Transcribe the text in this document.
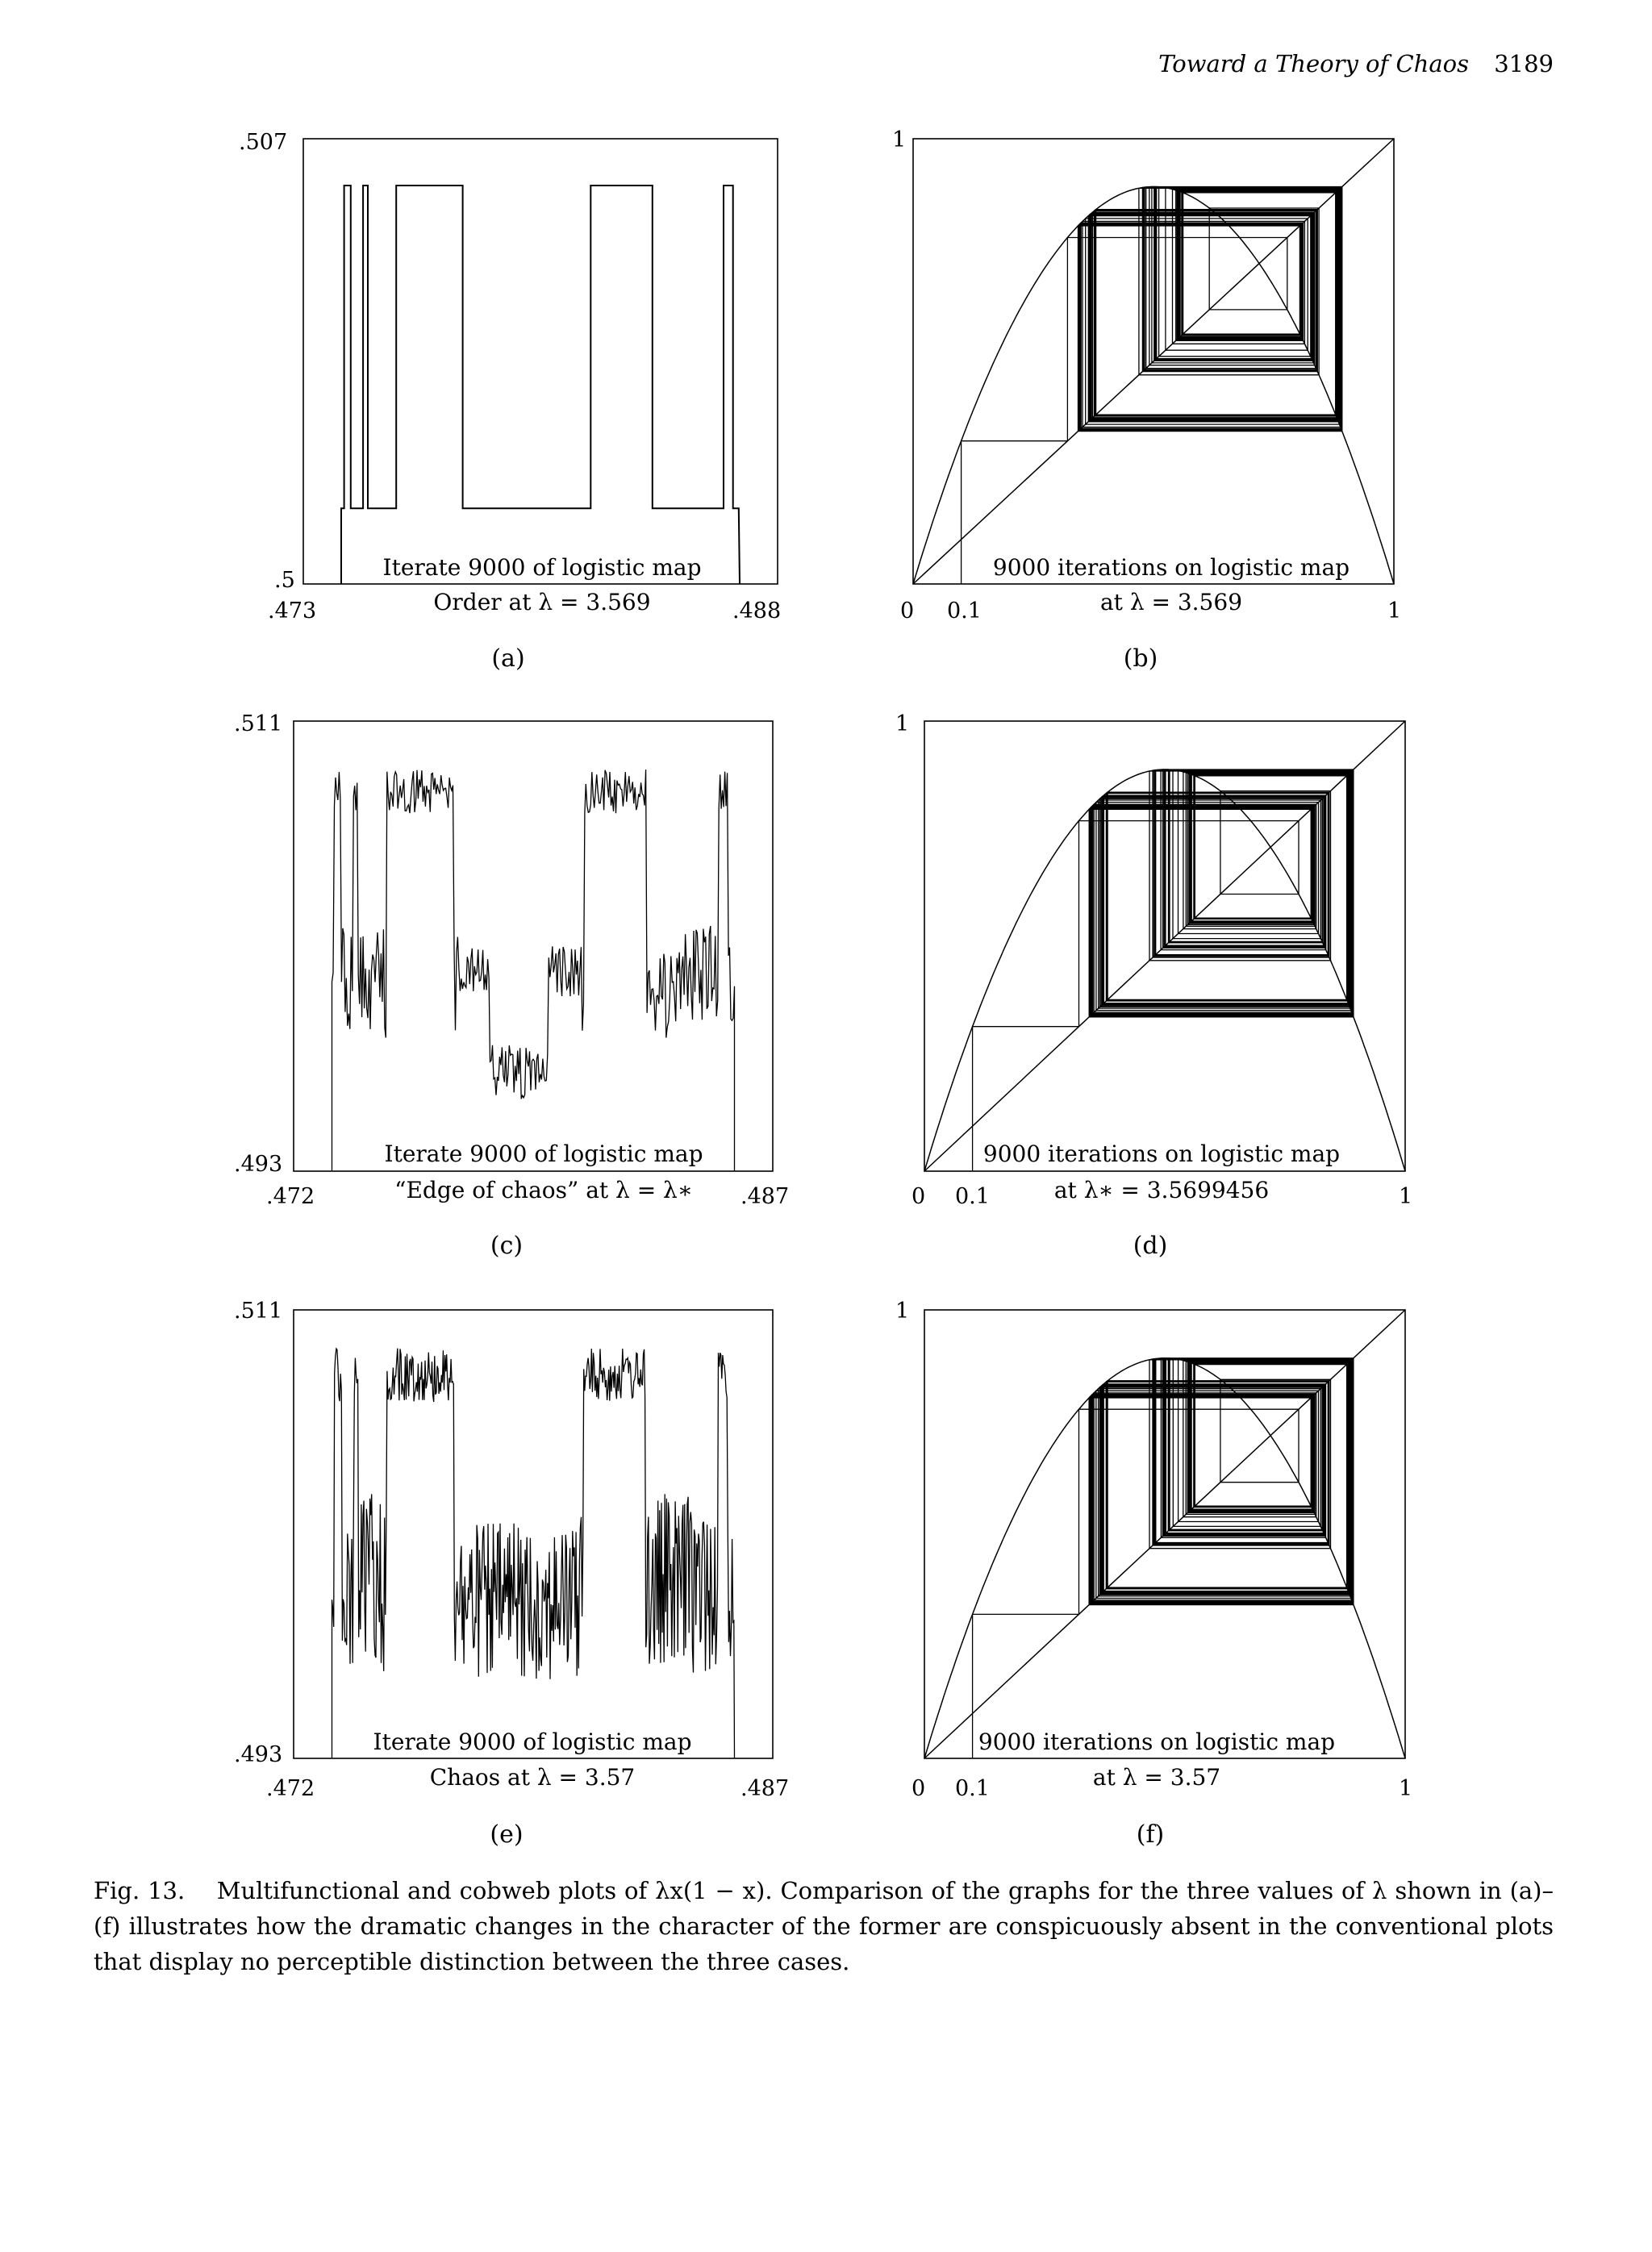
Toward a Theory of Chaos 3189
.507
.5
.473	.488
Iterate 9000 of logistic map
Order at λ = 3.569
(a)
1
0 0.1	1
9000 iterations on logistic map
at λ = 3.569
(b)
.511
.493
.472	.487
Iterate 9000 of logistic map
“Edge of chaos” at λ = λ∗
(c)
1
0 0.1	1
9000 iterations on logistic map
at λ∗ = 3.5699456
(d)
.511
.493
.472	.487
Iterate 9000 of logistic map
Chaos at λ = 3.57
(e)
1
0 0.1	1
9000 iterations on logistic map
at λ = 3.57
(f)

Fig. 13. Multifunctional and cobweb plots of λx(1 − x). Comparison of the graphs for the three values of λ shown in (a)–(f) illustrates how the dramatic changes in the character of the former are conspicuously absent in the conventional plots that display no perceptible distinction between the three cases.
